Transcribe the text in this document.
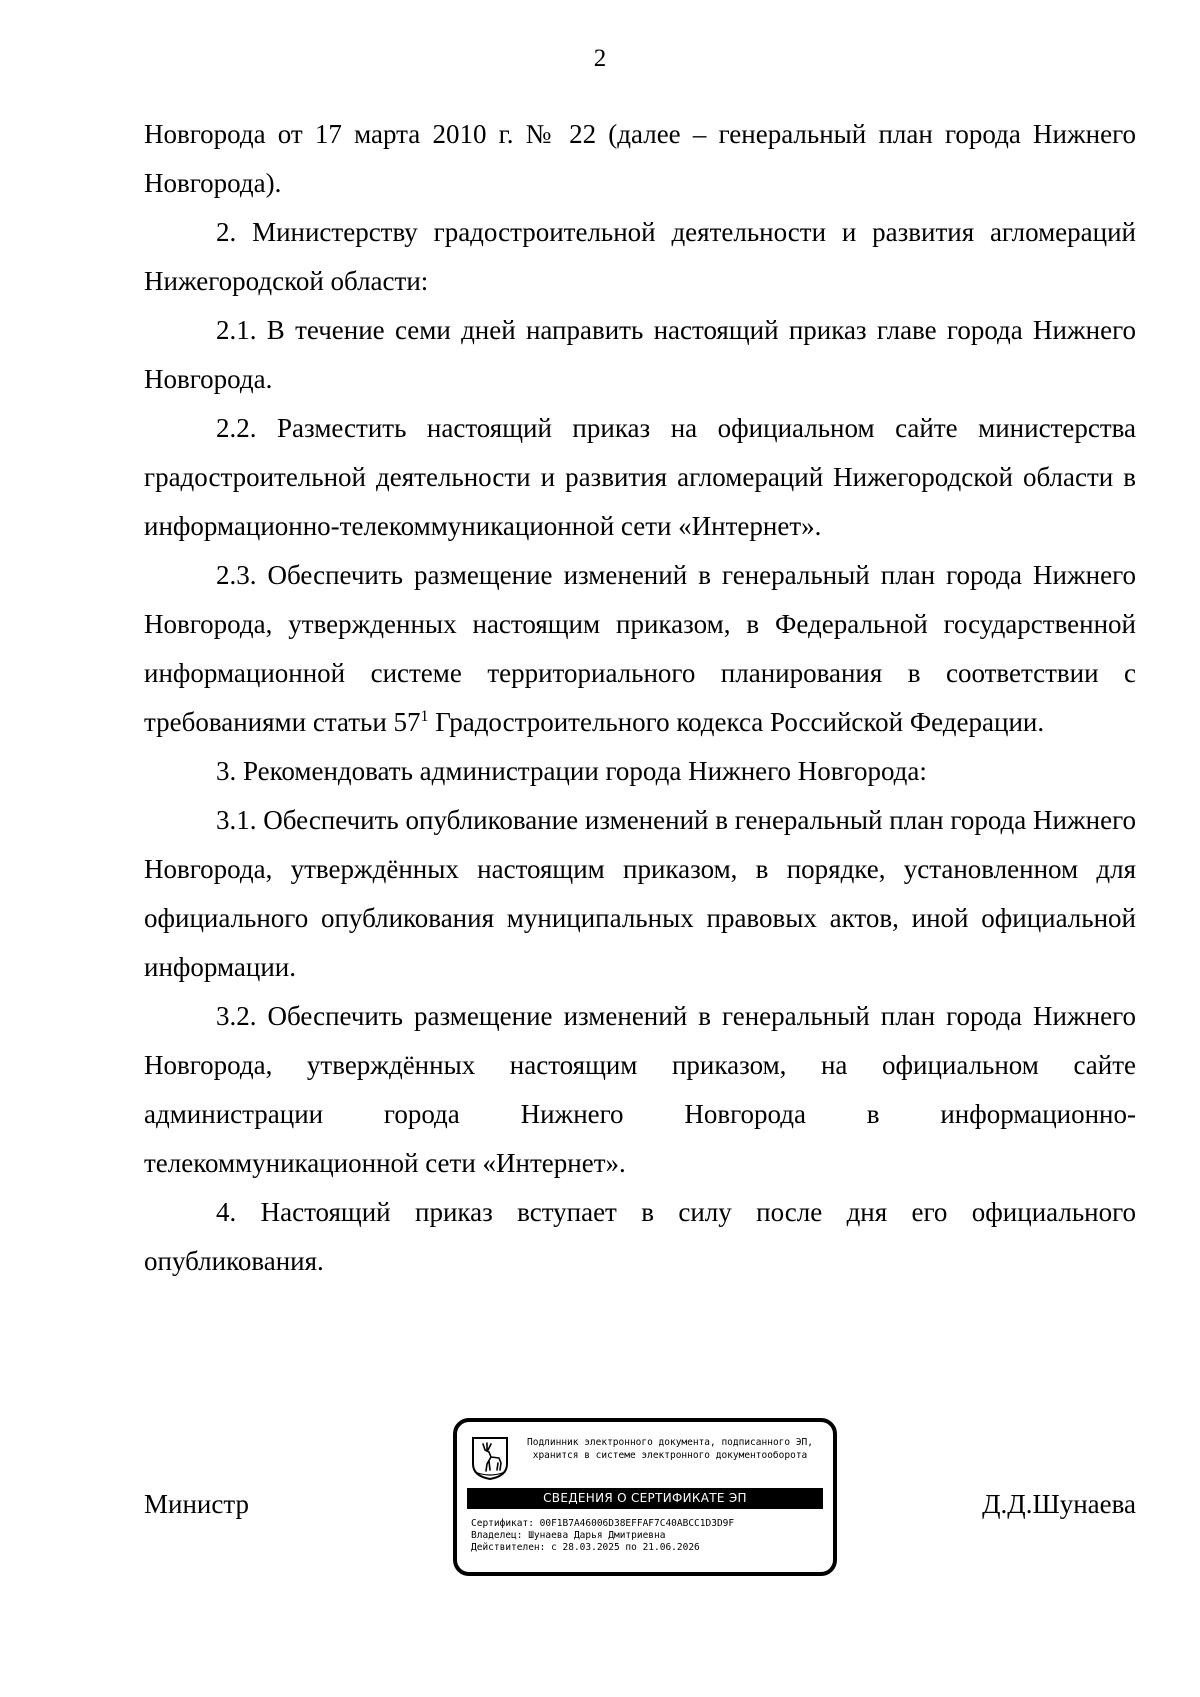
2

Новгорода от 17 марта 2010 г. № 22 (далее – генеральный план города Нижнего Новгорода).

2. Министерству градостроительной деятельности и развития агломераций Нижегородской области:

2.1. В течение семи дней направить настоящий приказ главе города Нижнего Новгорода.

2.2. Разместить настоящий приказ на официальном сайте министерства градостроительной деятельности и развития агломераций Нижегородской области в информационно-телекоммуникационной сети «Интернет».

2.3. Обеспечить размещение изменений в генеральный план города Нижнего Новгорода, утвержденных настоящим приказом, в Федеральной государственной информационной системе территориального планирования в соответствии с требованиями статьи $57^1$ Градостроительного кодекса Российской Федерации.

3. Рекомендовать администрации города Нижнего Новгорода:

3.1. Обеспечить опубликование изменений в генеральный план города Нижнего Новгорода, утверждённых настоящим приказом, в порядке, установленном для официального опубликования муниципальных правовых актов, иной официальной информации.

3.2. Обеспечить размещение изменений в генеральный план города Нижнего Новгорода, утверждённых настоящим приказом, на официальном сайте администрации города Нижнего Новгорода в информационно-телекоммуникационной сети «Интернет».

4. Настоящий приказ вступает в силу после дня его официального опубликования.

Министр	Д.Д.Шунаева
Подлинник электронного документа, подписанного ЭП,
хранится в системе электронного документооборота
СВЕДЕНИЯ О СЕРТИФИКАТЕ ЭП
Сертификат: 00F1B7A46006D38EFFAF7C40ABCC1D3D9F
Владелец: Шунаева Дарья Дмитриевна
Действителен: с 28.03.2025 по 21.06.2026
